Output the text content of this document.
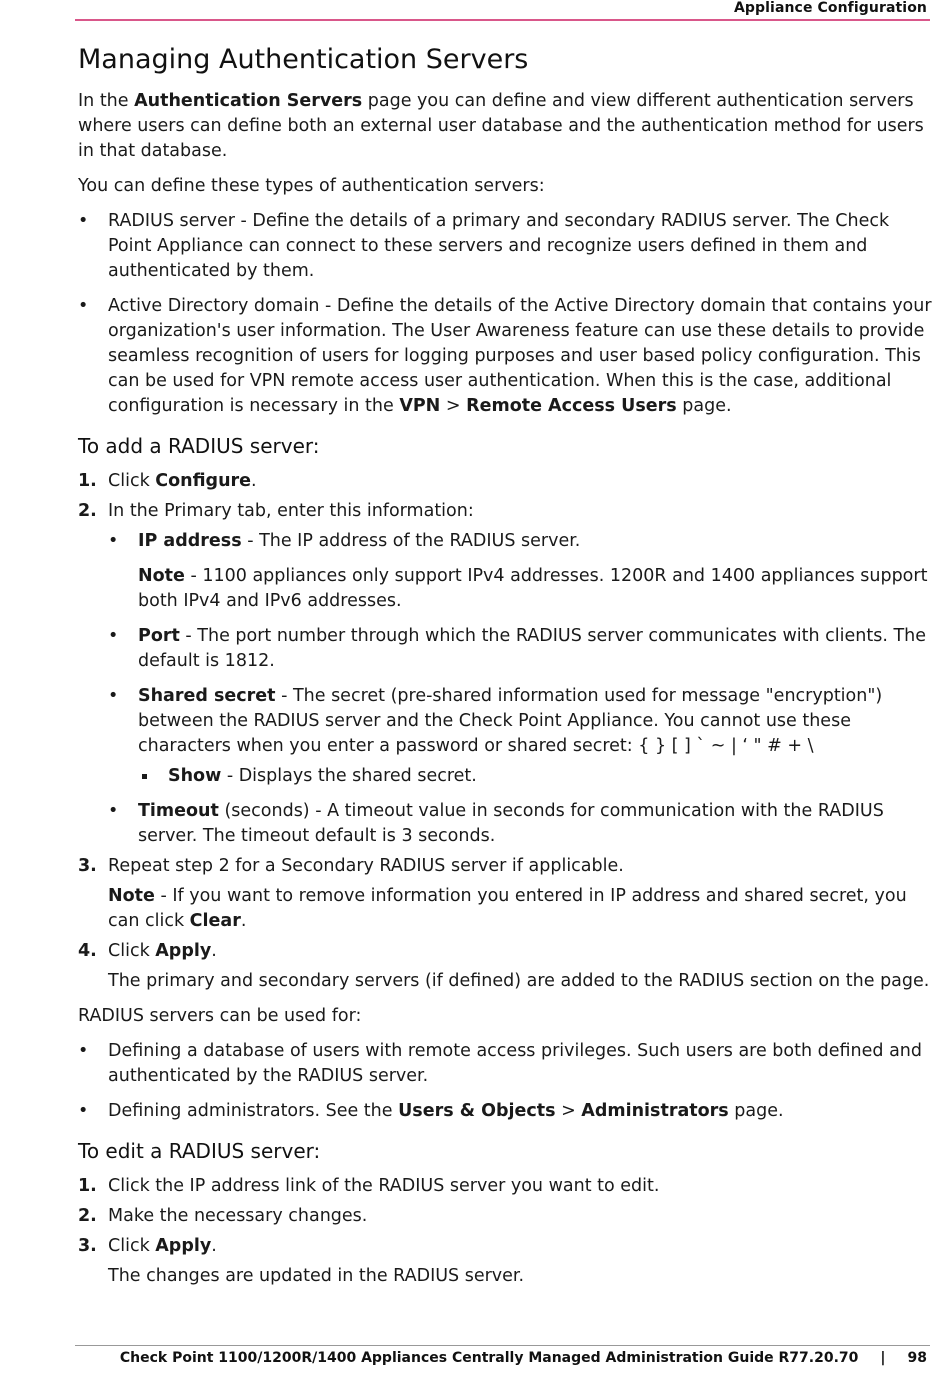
Appliance Configuration
Managing Authentication Servers

In the Authentication Servers page you can define and view different authentication servers where users can define both an external user database and the authentication method for users in that database.

You can define these types of authentication servers:

• RADIUS server - Define the details of a primary and secondary RADIUS server. The Check Point Appliance can connect to these servers and recognize users defined in them and authenticated by them.
• Active Directory domain - Define the details of the Active Directory domain that contains your organization's user information. The User Awareness feature can use these details to provide seamless recognition of users for logging purposes and user based policy configuration. This can be used for VPN remote access user authentication. When this is the case, additional configuration is necessary in the VPN > Remote Access Users page.
To add a RADIUS server:
1. Click Configure.
2. In the Primary tab, enter this information:
• IP address - The IP address of the RADIUS server.

Note - 1100 appliances only support IPv4 addresses. 1200R and 1400 appliances support both IPv4 and IPv6 addresses.

• Port - The port number through which the RADIUS server communicates with clients. The default is 1812.
• Shared secret - The secret (pre-shared information used for message "encryption") between the RADIUS server and the Check Point Appliance. You cannot use these characters when you enter a password or shared secret: { } [ ] ` ~ | ‘ " # + \
Show - Displays the shared secret.
• Timeout (seconds) - A timeout value in seconds for communication with the RADIUS server. The timeout default is 3 seconds.
3. Repeat step 2 for a Secondary RADIUS server if applicable.

Note - If you want to remove information you entered in IP address and shared secret, you can click Clear.

4. Click Apply.

The primary and secondary servers (if defined) are added to the RADIUS section on the page.

RADIUS servers can be used for:

• Defining a database of users with remote access privileges. Such users are both defined and authenticated by the RADIUS server.
• Defining administrators. See the Users & Objects > Administrators page.
To edit a RADIUS server:
1. Click the IP address link of the RADIUS server you want to edit.
2. Make the necessary changes.
3. Click Apply.

The changes are updated in the RADIUS server.

Check Point 1100/1200R/1400 Appliances Centrally Managed Administration Guide R77.20.70 | 98
